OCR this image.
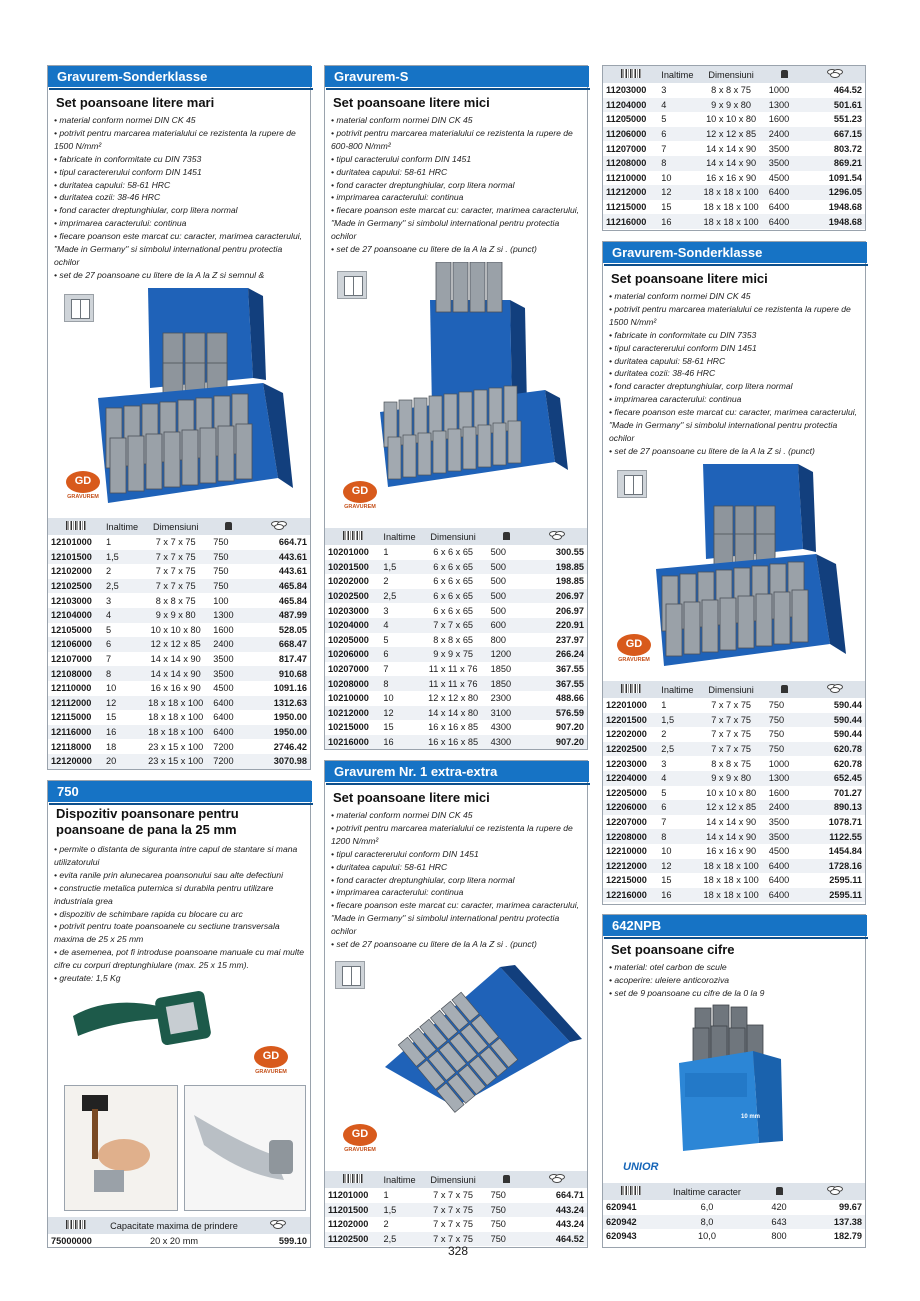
Gravurem-Sonderklasse
Set poansoane litere mari
• material conform normei DIN CK 45
• potrivit pentru marcarea materialului ce rezistenta la rupere de 1500 N/mm²
• fabricate in conformitate cu DIN 7353
• tipul caractererului conform DIN 1451
• duritatea capului: 58-61 HRC
• duritatea cozii: 38-46 HRC
• fond caracter dreptunghiular, corp litera normal
• imprimarea caracterului: continua
• fiecare poanson este marcat cu: caracter, marimea caracterului, "Made in Germany" si simbolul international pentru protectia ochilor
• set de 27 poansoane cu litere de la A la Z si semnul &
GD
GRAVUREM
	Inaltime	Dimensiuni		

12101000	1	7 x 7 x 75	750	664.71
12101500	1,5	7 x 7 x 75	750	443.61
12102000	2	7 x 7 x 75	750	443.61
12102500	2,5	7 x 7 x 75	750	465.84
12103000	3	8 x 8 x 75	100	465.84
12104000	4	9 x 9 x 80	1300	487.99
12105000	5	10 x 10 x 80	1600	528.05
12106000	6	12 x 12 x 85	2400	668.47
12107000	7	14 x 14 x 90	3500	817.47
12108000	8	14 x 14 x 90	3500	910.68
12110000	10	16 x 16 x 90	4500	1091.16
12112000	12	18 x 18 x 100	6400	1312.63
12115000	15	18 x 18 x 100	6400	1950.00
12116000	16	18 x 18 x 100	6400	1950.00
12118000	18	23 x 15 x 100	7200	2746.42
12120000	20	23 x 15 x 100	7200	3070.98
750
Dispozitiv poansonare pentru
poansoane de pana la 25 mm
• permite o distanta de siguranta intre capul de stantare si mana utilizatorului
• evita ranile prin alunecarea poansonului sau alte defectiuni
• constructie metalica puternica si durabila pentru utilizare industriala grea
• dispozitiv de schimbare rapida cu blocare cu arc
• potrivit pentru toate poansoanele cu sectiune transversala maxima de 25 x 25 mm
• de asemenea, pot fi introduse poansoane manuale cu mai multe cifre cu corpuri dreptunghiulare (max. 25 x 15 mm).
• greutate: 1,5 Kg
GD
GRAVUREM
	Capacitate maxima de prindere	

75000000	20 x 20 mm	599.10
Gravurem-S
Set poansoane litere mici
• material conform normei DIN CK 45
• potrivit pentru marcarea materialului ce rezistenta la rupere de 600-800 N/mm²
• tipul caracterului conform DIN 1451
• duritatea capului: 58-61 HRC
• fond caracter dreptunghiular, corp litera normal
• imprimarea caracterului: continua
• fiecare poanson este marcat cu: caracter, marimea caracterului, "Made in Germany" si simbolul international pentru protectia ochilor
• set de 27 poansoane cu litere de la A la Z si . (punct)
GD
GRAVUREM
	Inaltime	Dimensiuni		

10201000	1	6 x 6 x 65	500	300.55
10201500	1,5	6 x 6 x 65	500	198.85
10202000	2	6 x 6 x 65	500	198.85
10202500	2,5	6 x 6 x 65	500	206.97
10203000	3	6 x 6 x 65	500	206.97
10204000	4	7 x 7 x 65	600	220.91
10205000	5	8 x 8 x 65	800	237.97
10206000	6	9 x 9 x 75	1200	266.24
10207000	7	11 x 11 x 76	1850	367.55
10208000	8	11 x 11 x 76	1850	367.55
10210000	10	12 x 12 x 80	2300	488.66
10212000	12	14 x 14 x 80	3100	576.59
10215000	15	16 x 16 x 85	4300	907.20
10216000	16	16 x 16 x 85	4300	907.20
Gravurem Nr. 1 extra-extra
Set poansoane litere mici
• material conform normei DIN CK 45
• potrivit pentru marcarea materialului ce rezistenta la rupere de 1200 N/mm²
• tipul caractererului conform DIN 1451
• duritatea capului: 58-61 HRC
• fond caracter dreptunghiular, corp litera normal
• imprimarea caracterului: continua
• fiecare poanson este marcat cu: caracter, marimea caracterului, "Made in Germany" si simbolul international pentru protectia ochilor
• set de 27 poansoane cu litere de la A la Z si . (punct)
GD
GRAVUREM
	Inaltime	Dimensiuni		

11201000	1	7 x 7 x 75	750	664.71
11201500	1,5	7 x 7 x 75	750	443.24
11202000	2	7 x 7 x 75	750	443.24
11202500	2,5	7 x 7 x 75	750	464.52
	Inaltime	Dimensiuni		

11203000	3	8 x 8 x 75	1000	464.52
11204000	4	9 x 9 x 80	1300	501.61
11205000	5	10 x 10 x 80	1600	551.23
11206000	6	12 x 12 x 85	2400	667.15
11207000	7	14 x 14 x 90	3500	803.72
11208000	8	14 x 14 x 90	3500	869.21
11210000	10	16 x 16 x 90	4500	1091.54
11212000	12	18 x 18 x 100	6400	1296.05
11215000	15	18 x 18 x 100	6400	1948.68
11216000	16	18 x 18 x 100	6400	1948.68
Gravurem-Sonderklasse
Set poansoane litere mici
• material conform normei DIN CK 45
• potrivit pentru marcarea materialului ce rezistenta la rupere de 1500 N/mm²
• fabricate in conformitate cu DIN 7353
• tipul caractererului conform DIN 1451
• duritatea capului: 58-61 HRC
• duritatea cozii: 38-46 HRC
• fond caracter dreptunghiular, corp litera normal
• imprimarea caracterului: continua
• fiecare poanson este marcat cu: caracter, marimea caracterului, "Made in Germany" si simbolul international pentru protectia ochilor
• set de 27 poansoane cu litere de la A la Z si . (punct)
GD
GRAVUREM
	Inaltime	Dimensiuni		

12201000	1	7 x 7 x 75	750	590.44
12201500	1,5	7 x 7 x 75	750	590.44
12202000	2	7 x 7 x 75	750	590.44
12202500	2,5	7 x 7 x 75	750	620.78
12203000	3	8 x 8 x 75	1000	620.78
12204000	4	9 x 9 x 80	1300	652.45
12205000	5	10 x 10 x 80	1600	701.27
12206000	6	12 x 12 x 85	2400	890.13
12207000	7	14 x 14 x 90	3500	1078.71
12208000	8	14 x 14 x 90	3500	1122.55
12210000	10	16 x 16 x 90	4500	1454.84
12212000	12	18 x 18 x 100	6400	1728.16
12215000	15	18 x 18 x 100	6400	2595.11
12216000	16	18 x 18 x 100	6400	2595.11
642NPB
Set poansoane cifre
• material: otel carbon de scule
• acoperire: uleiere anticoroziva
• set de 9 poansoane cu cifre de la 0 la 9
10 mm
UNIOR
	Inaltime caracter		

620941	6,0	420	99.67
620942	8,0	643	137.38
620943	10,0	800	182.79
328
